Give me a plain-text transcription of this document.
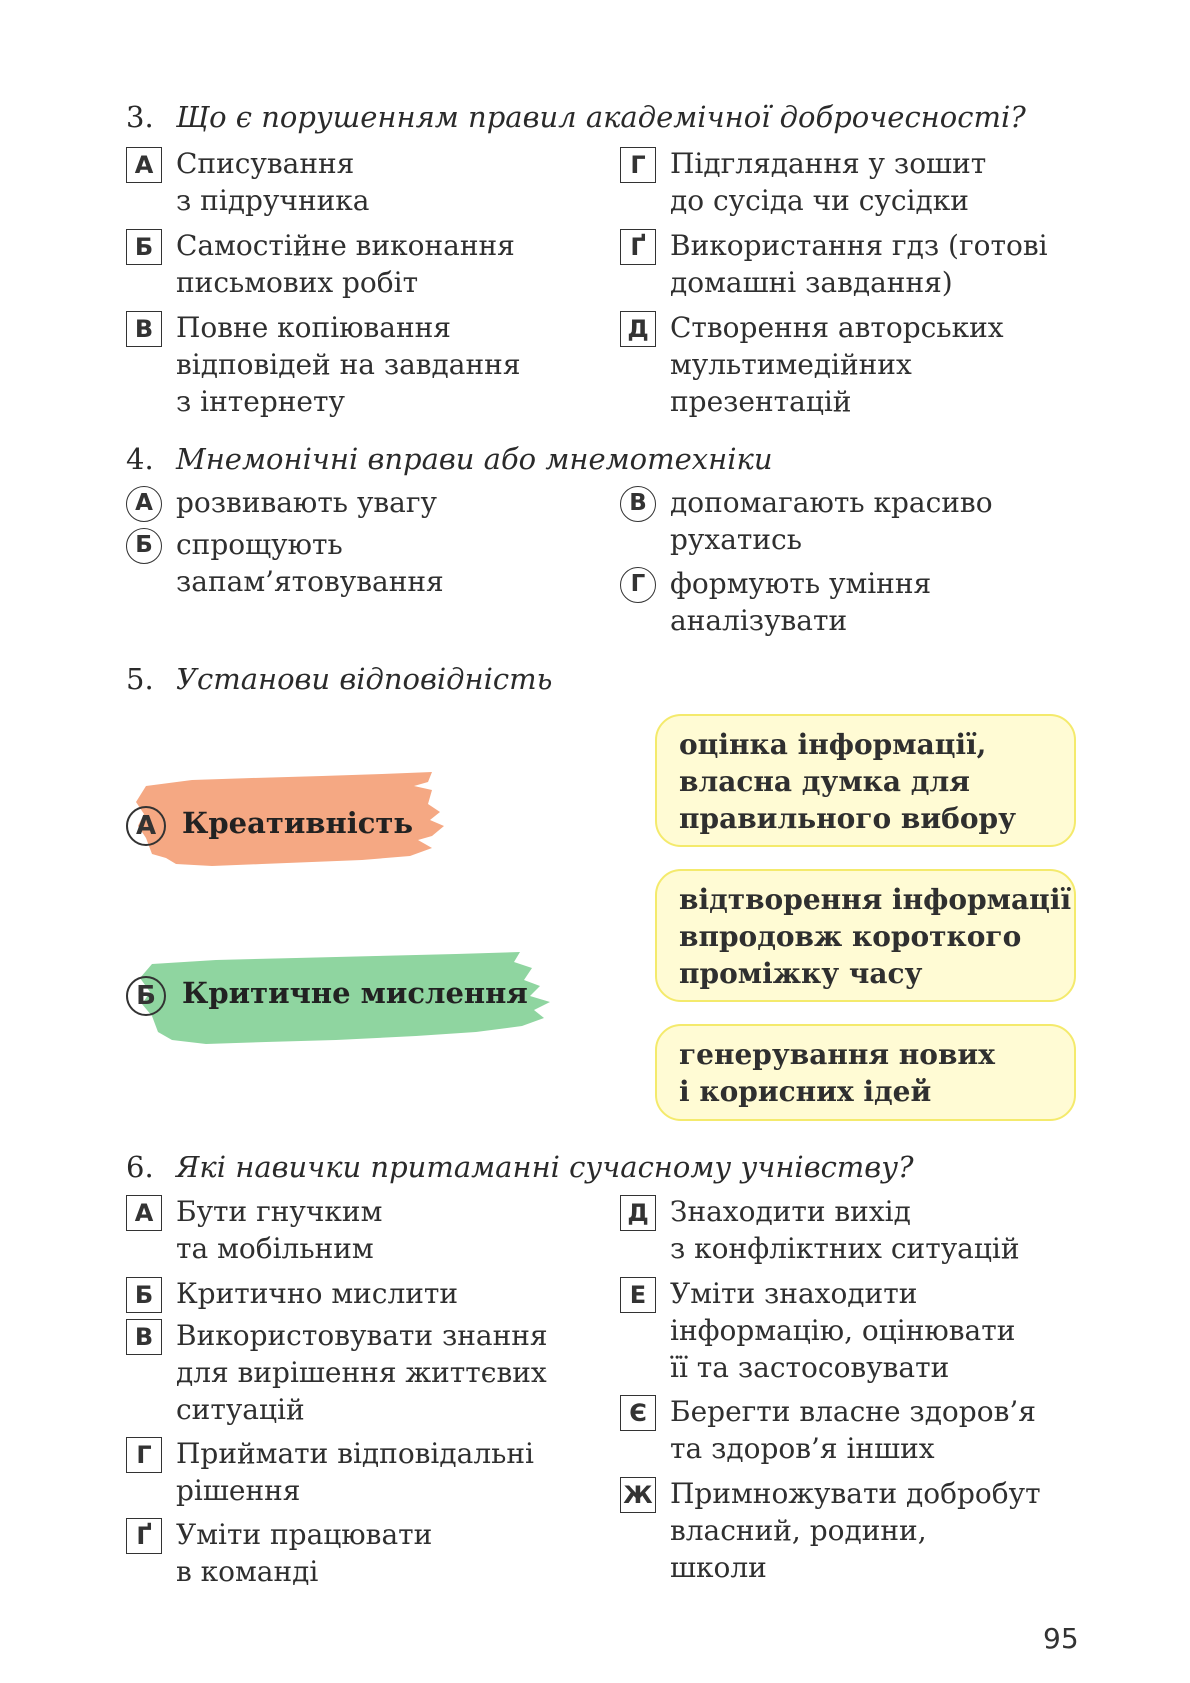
3. Що є порушенням правил академічної доброчесності?
А Списування
з підручника
Б Самостійне виконання
письмових робіт
В Повне копіювання
відповідей на завдання
з інтернету
Г Підглядання у зошит
до сусіда чи сусідки
Ґ Використання гдз (готові
домашні завдання)
Д Створення авторських
мультимедійних
презентацій
4. Мнемонічні вправи або мнемотехніки
А розвивають увагу
Б спрощують
запам’ятовування
В допомагають красиво
рухатись
Г формують уміння
аналізувати
5. Установи відповідність
А Креативність
Б Критичне мислення
оцінка інформації,
власна думка для
правильного вибору
відтворення інформації
впродовж короткого
проміжку часу
генерування нових
і корисних ідей
6. Які навички притаманні сучасному учнівству?
А Бути гнучким
та мобільним
Б Критично мислити
В Використовувати знання
для вирішення життєвих
ситуацій
Г Приймати відповідальні
рішення
Ґ Уміти працювати
в команді
Д Знаходити вихід
з конфліктних ситуацій
Е Уміти знаходити
інформацію, оцінювати
її та застосовувати
Є Берегти власне здоров’я
та здоров’я інших
Ж Примножувати добробут
власний, родини,
школи
95
